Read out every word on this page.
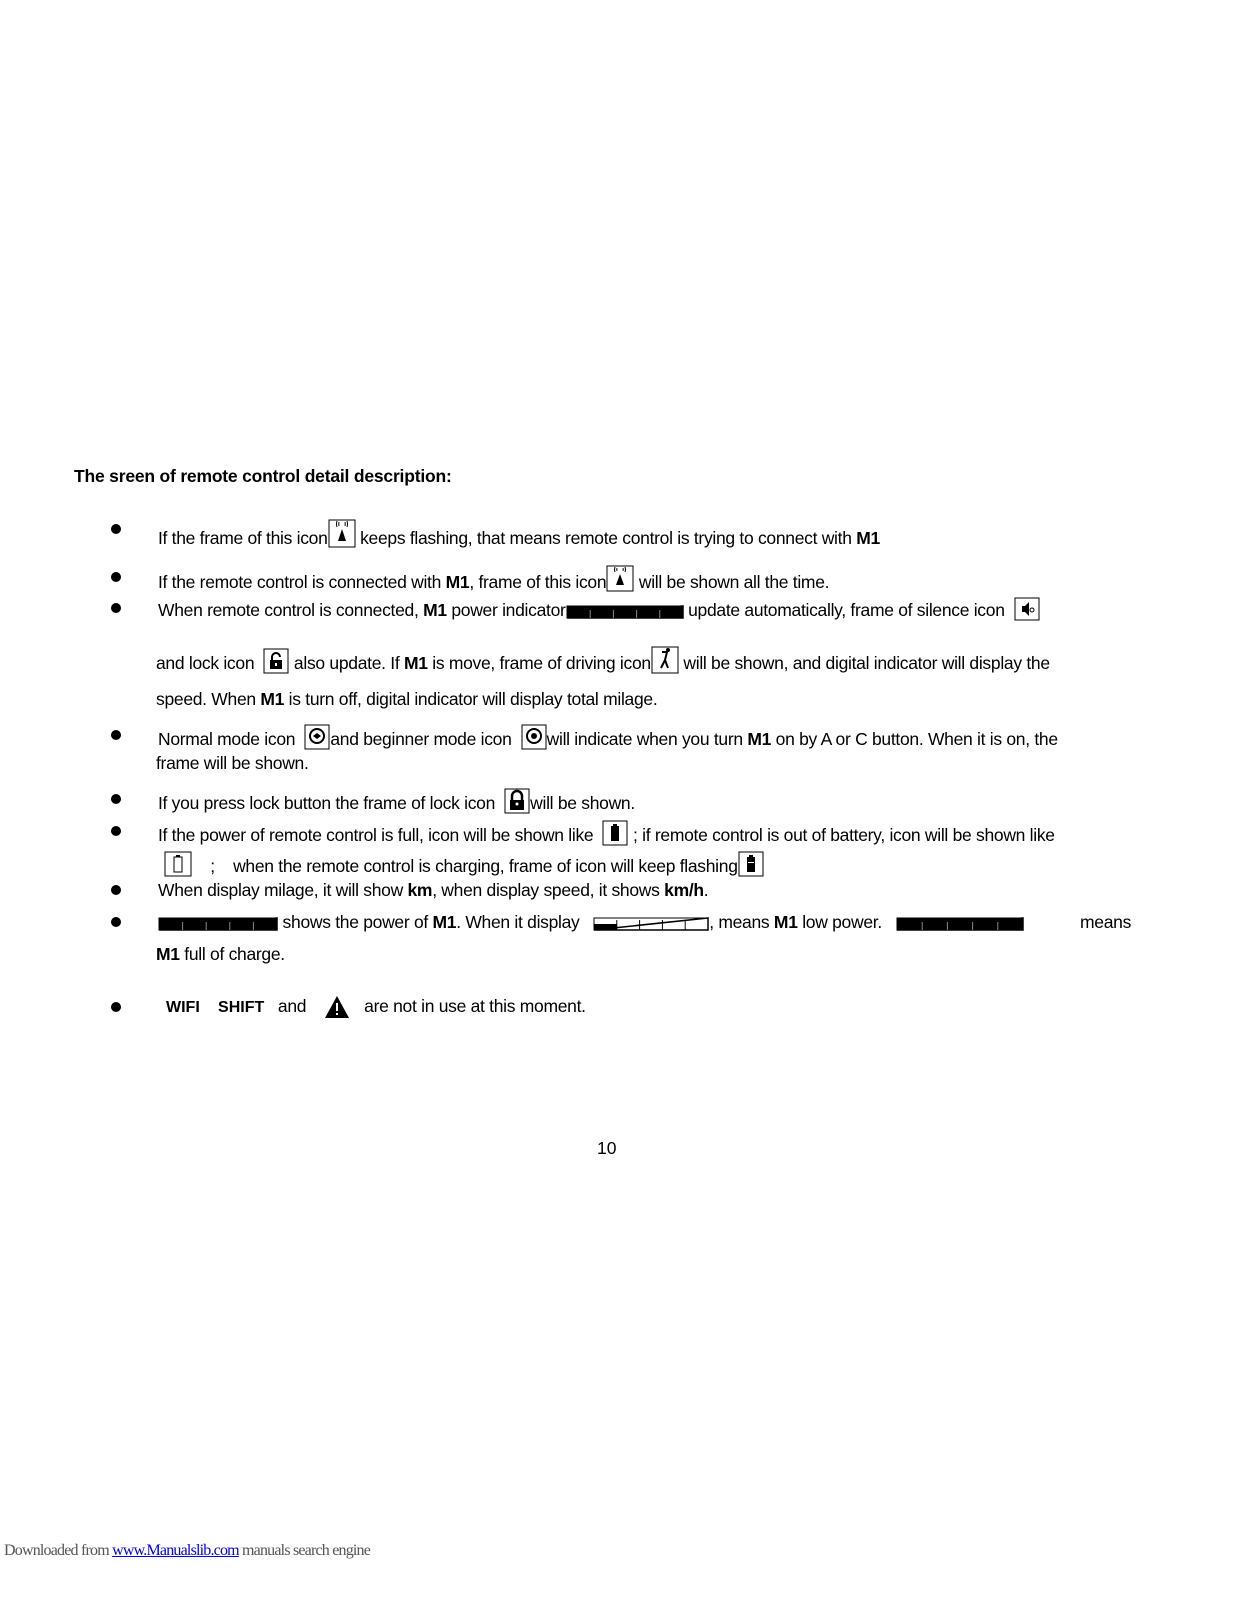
The sreen of remote control detail description:
If the frame of this icon
keeps flashing, that means remote control is trying to connect with M1
If the remote control is connected with M1, frame of this icon
will be shown all the time.
When remote control is connected, M1 power indicator	update automatically, frame of silence icon
and lock icon
also update. If M1 is move, frame of driving icon
will be shown, and digital indicator will display the
speed. When M1 is turn off, digital indicator will display total milage.
Normal mode icon and beginner mode icon will indicate when you turn M1 on by A or C button. When it is on, the
frame will be shown.
If you press lock button the frame of lock icon will be shown.
If the power of remote control is full, icon will be shown like ; if remote control is out of battery, icon will be shown like
; when the remote control is charging, frame of icon will keep flashing
When display milage, it will show km, when display speed, it shows km/h.
shows the power of M1. When it display	, means M1 low power.	means
M1 full of charge.
WIFI SHIFT and	are not in use at this moment.
10
Downloaded from www.Manualslib.com manuals search engine
